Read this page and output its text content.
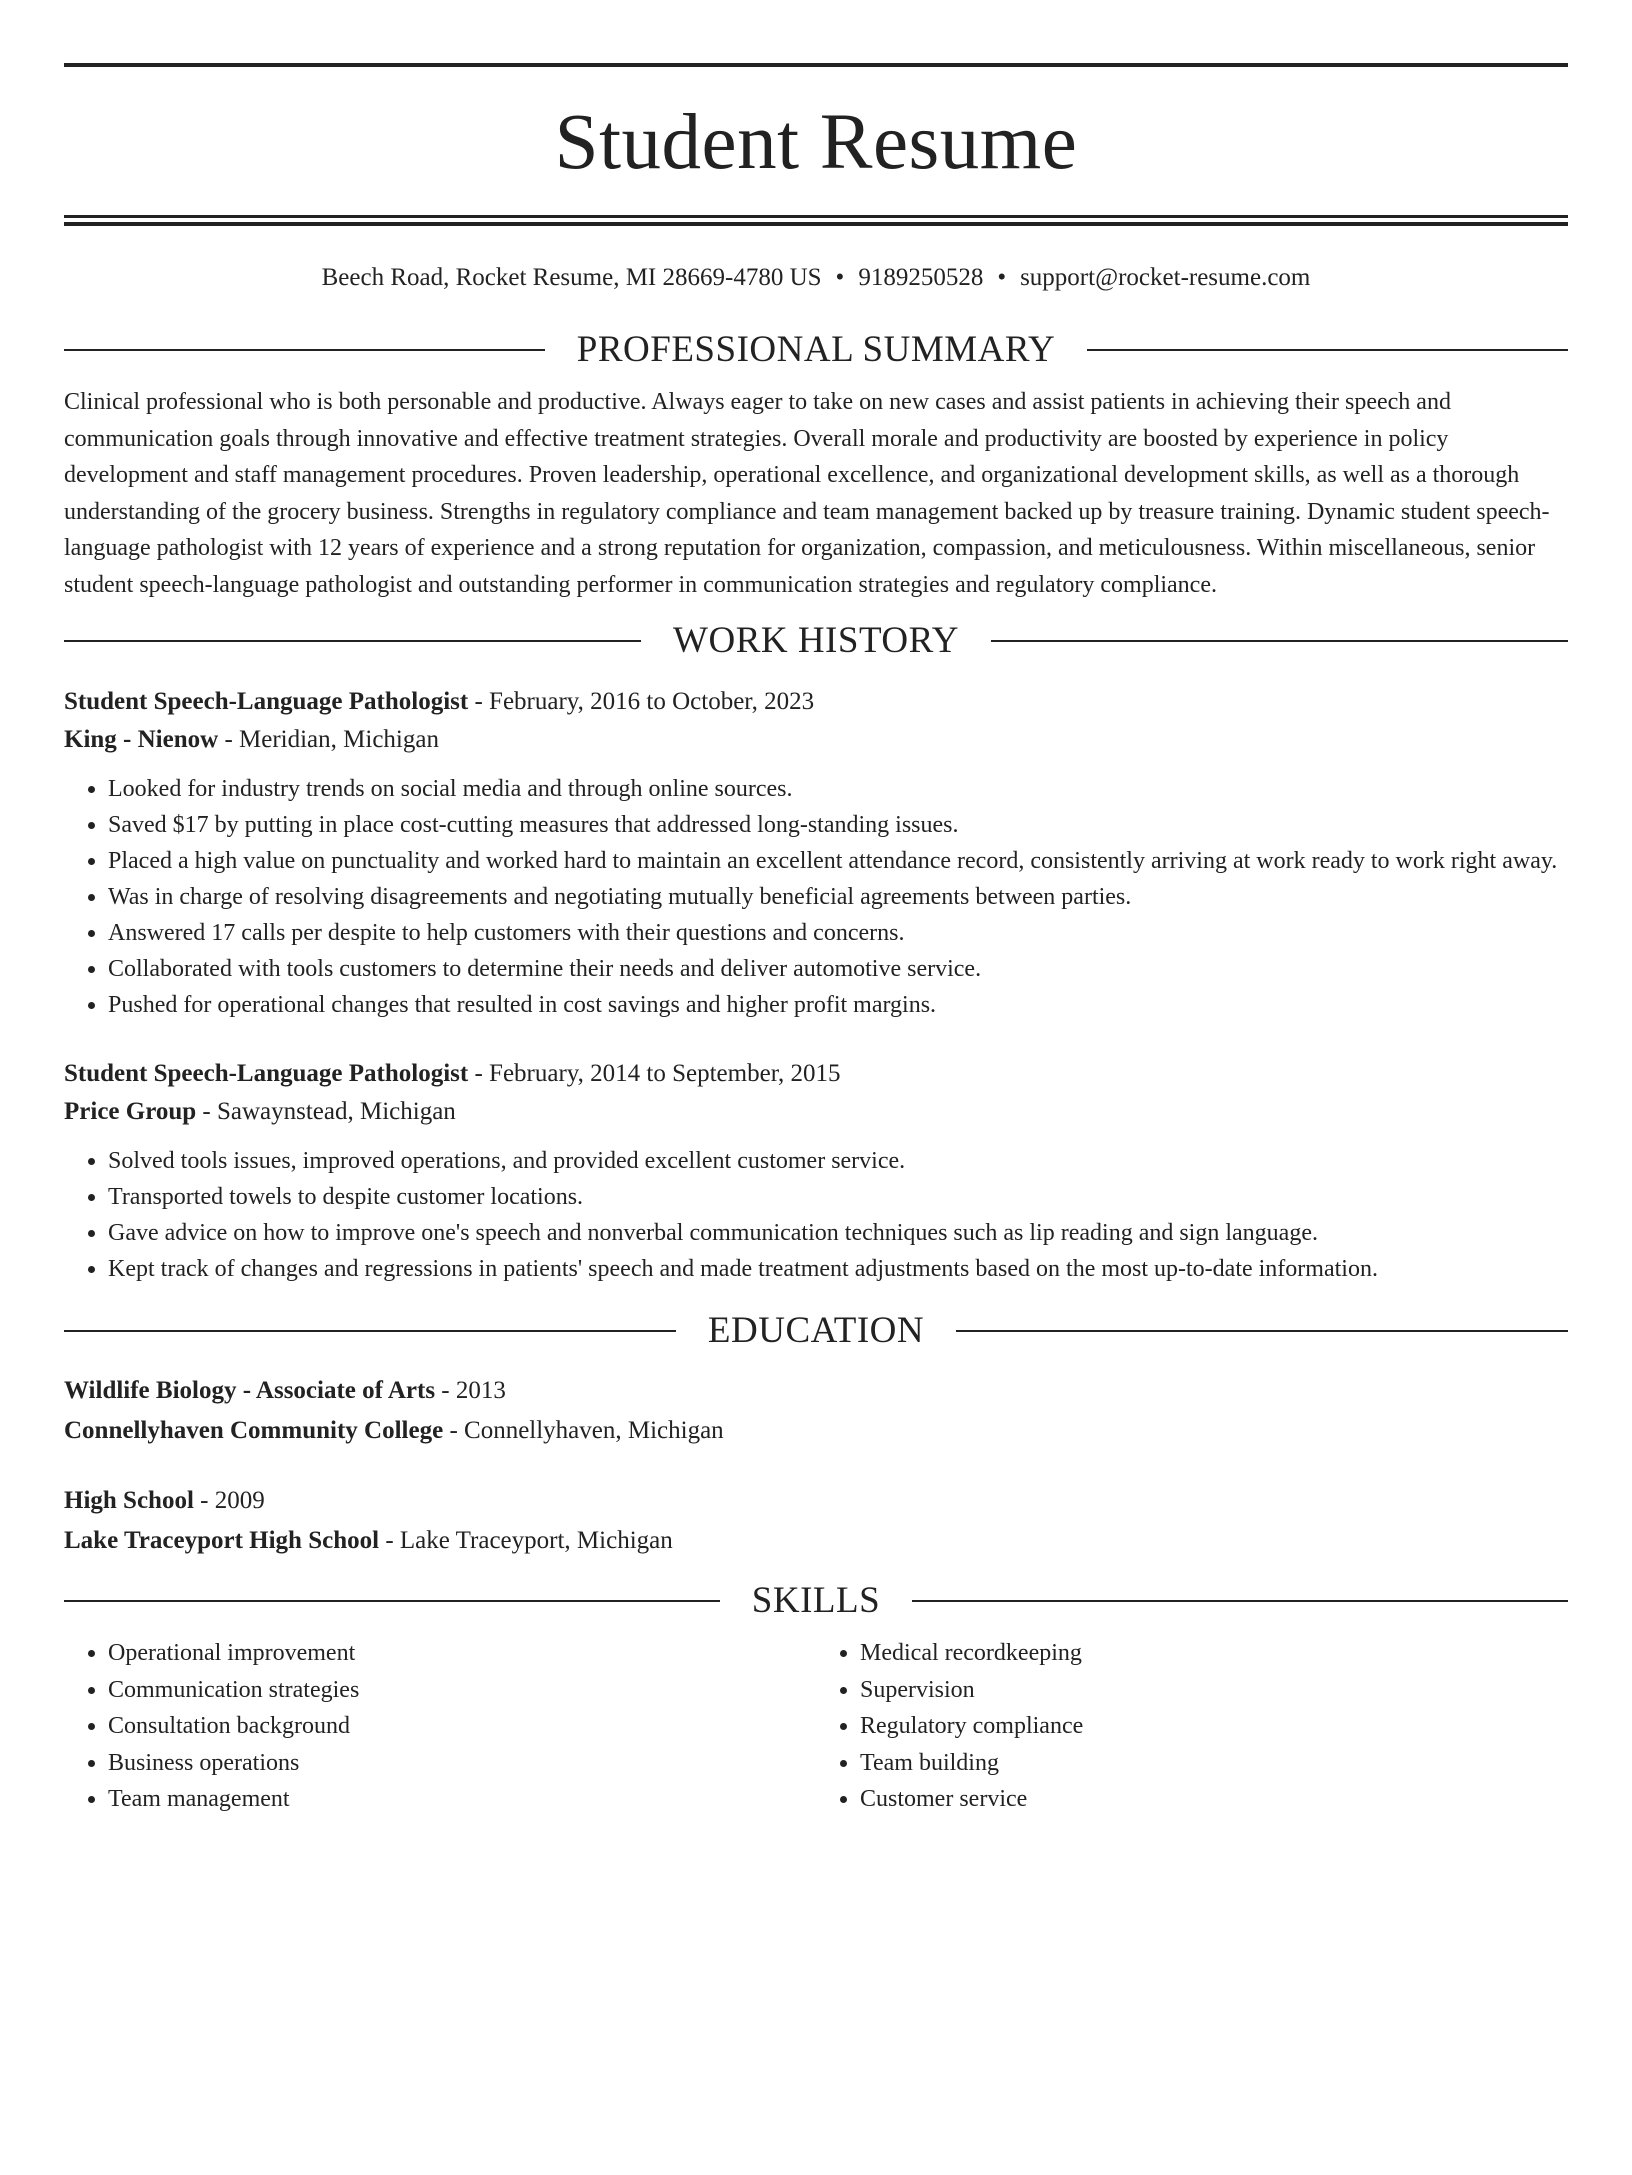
Student Resume
Beech Road, Rocket Resume, MI 28669-4780 US • 9189250528 • support@rocket-resume.com
PROFESSIONAL SUMMARY

Clinical professional who is both personable and productive. Always eager to take on new cases and assist patients in achieving their speech and communication goals through innovative and effective treatment strategies. Overall morale and productivity are boosted by experience in policy development and staff management procedures. Proven leadership, operational excellence, and organizational development skills, as well as a thorough understanding of the grocery business. Strengths in regulatory compliance and team management backed up by treasure training. Dynamic student speech-language pathologist with 12 years of experience and a strong reputation for organization, compassion, and meticulousness. Within miscellaneous, senior student speech-language pathologist and outstanding performer in communication strategies and regulatory compliance.

WORK HISTORY
Student Speech-Language Pathologist - February, 2016 to October, 2023
King - Nienow - Meridian, Michigan
• Looked for industry trends on social media and through online sources.
• Saved $17 by putting in place cost-cutting measures that addressed long-standing issues.
• Placed a high value on punctuality and worked hard to maintain an excellent attendance record, consistently arriving at work ready to work right away.
• Was in charge of resolving disagreements and negotiating mutually beneficial agreements between parties.
• Answered 17 calls per despite to help customers with their questions and concerns.
• Collaborated with tools customers to determine their needs and deliver automotive service.
• Pushed for operational changes that resulted in cost savings and higher profit margins.
Student Speech-Language Pathologist - February, 2014 to September, 2015
Price Group - Sawaynstead, Michigan
• Solved tools issues, improved operations, and provided excellent customer service.
• Transported towels to despite customer locations.
• Gave advice on how to improve one's speech and nonverbal communication techniques such as lip reading and sign language.
• Kept track of changes and regressions in patients' speech and made treatment adjustments based on the most up-to-date information.
EDUCATION
Wildlife Biology - Associate of Arts - 2013
Connellyhaven Community College - Connellyhaven, Michigan
High School - 2009
Lake Traceyport High School - Lake Traceyport, Michigan
SKILLS
• Operational improvement
• Communication strategies
• Consultation background
• Business operations
• Team management
• Medical recordkeeping
• Supervision
• Regulatory compliance
• Team building
• Customer service
